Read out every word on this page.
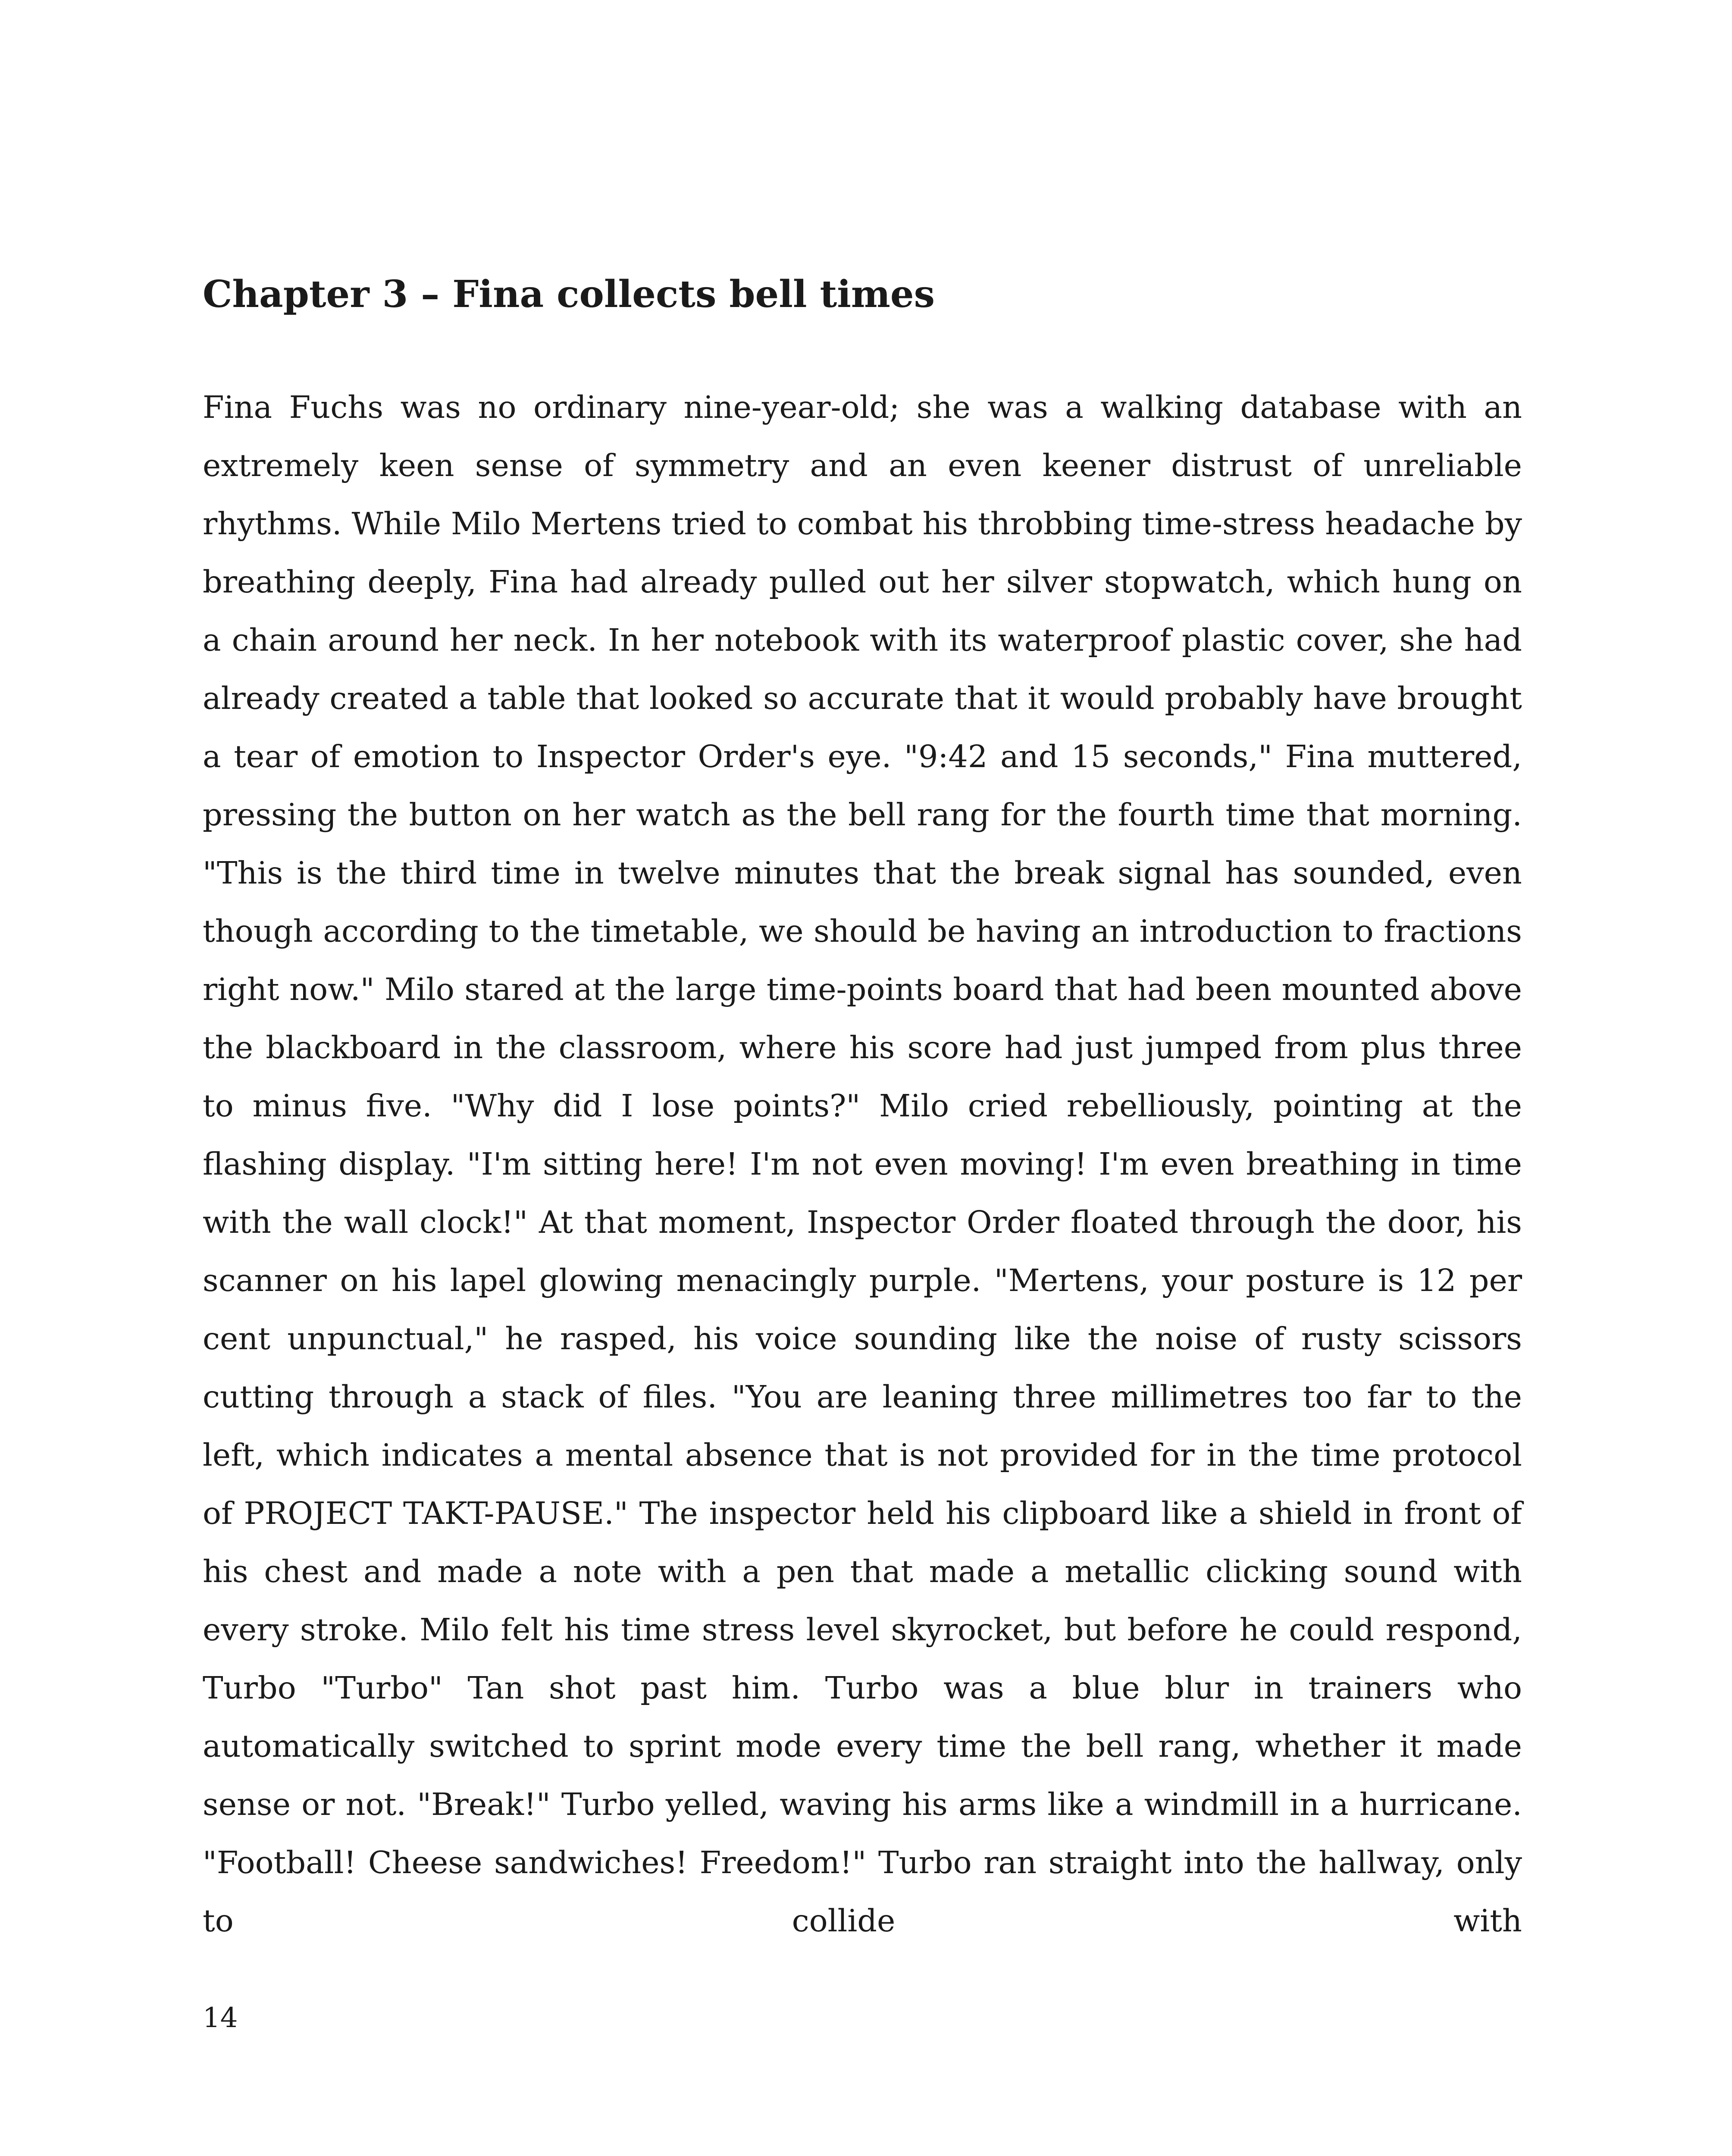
Chapter 3 – Fina collects bell times

Fina Fuchs was no ordinary nine-year-old; she was a walking database with an extremely keen sense of symmetry and an even keener distrust of unreliable rhythms. While Milo Mertens tried to combat his throbbing time-stress headache by breathing deeply, Fina had already pulled out her silver stopwatch, which hung on a chain around her neck. In her notebook with its waterproof plastic cover, she had already created a table that looked so accurate that it would probably have brought a tear of emotion to Inspector Order's eye. "9:42 and 15 seconds," Fina muttered, pressing the button on her watch as the bell rang for the fourth time that morning. "This is the third time in twelve minutes that the break signal has sounded, even though according to the timetable, we should be having an introduction to fractions right now." Milo stared at the large time-points board that had been mounted above the blackboard in the classroom, where his score had just jumped from plus three to minus five. "Why did I lose points?" Milo cried rebelliously, pointing at the flashing display. "I'm sitting here! I'm not even moving! I'm even breathing in time with the wall clock!" At that moment, Inspector Order floated through the door, his scanner on his lapel glowing menacingly purple. "Mertens, your posture is 12 per cent unpunctual," he rasped, his voice sounding like the noise of rusty scissors cutting through a stack of files. "You are leaning three millimetres too far to the left, which indicates a mental absence that is not provided for in the time protocol of PROJECT TAKT-PAUSE." The inspector held his clipboard like a shield in front of his chest and made a note with a pen that made a metallic clicking sound with every stroke. Milo felt his time stress level skyrocket, but before he could respond, Turbo "Turbo" Tan shot past him. Turbo was a blue blur in trainers who automatically switched to sprint mode every time the bell rang, whether it made sense or not. "Break!" Turbo yelled, waving his arms like a windmill in a hurricane. "Football! Cheese sandwiches! Freedom!" Turbo ran straight into the hallway, only to collide with

14
